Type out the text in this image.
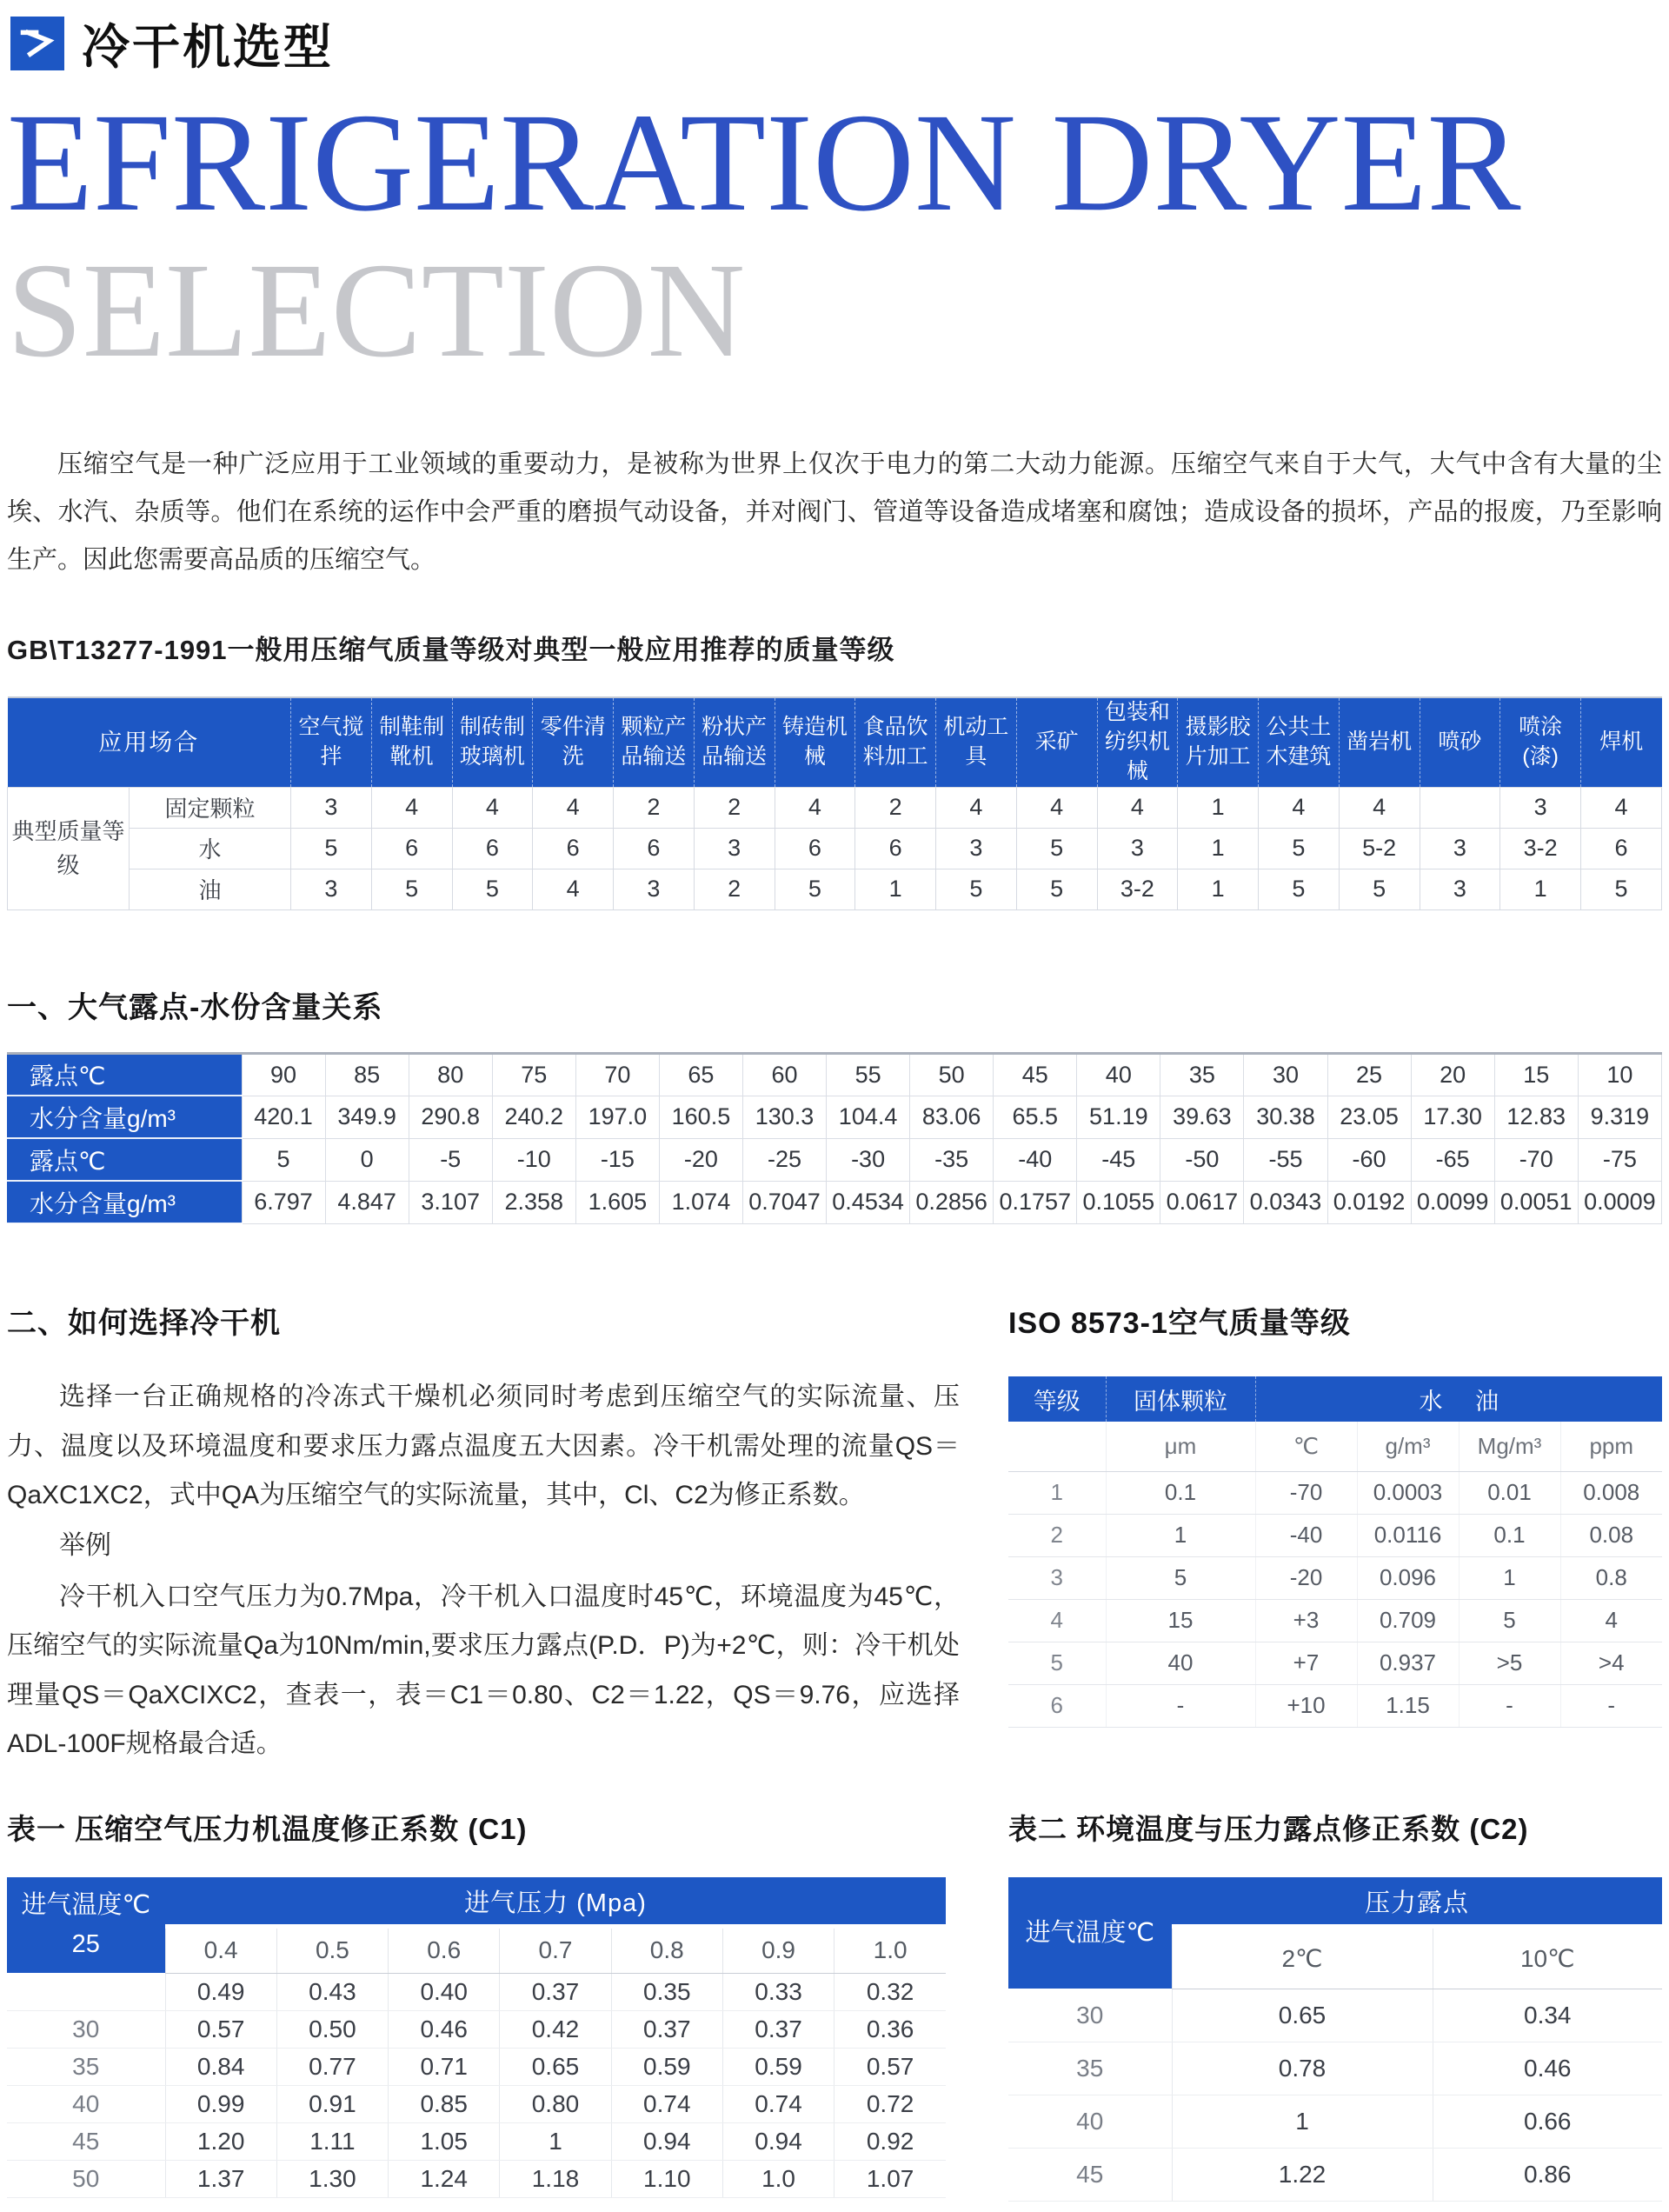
冷干机选型
EFRIGERATION DRYER
SELECTION

压缩空气是一种广泛应用于工业领域的重要动力，是被称为世界上仅次于电力的第二大动力能源。压缩空气来自于大气，大气中含有大量的尘埃、水汽、杂质等。他们在系统的运作中会严重的磨损气动设备，并对阀门、管道等设备造成堵塞和腐蚀；造成设备的损坏，产品的报废，乃至影响生产。因此您需要高品质的压缩空气。

GB\T13277-1991一般用压缩气质量等级对典型一般应用推荐的质量等级
应用场合		空气搅拌	制鞋制靴机	制砖制玻璃机	零件清洗	颗粒产品输送	粉状产品输送	铸造机械	食品饮料加工	机动工具	采矿	包装和纺织机械	摄影胶片加工	公共土木建筑	凿岩机	喷砂	喷涂(漆)	焊机
典型质量等级	固定颗粒	3	4	4	4	2	2	4	2	4	4	4	1	4	4		3	4
	水	5	6	6	6	6	3	6	6	3	5	3	1	5	5-2	3	3-2	6
	油	3	5	5	4	3	2	5	1	5	5	3-2	1	5	5	3	1	5
一、大气露点-水份含量关系
露点℃	90	85	80	75	70	65	60	55	50	45	40	35	30	25	20	15	10
水分含量g/m³	420.1	349.9	290.8	240.2	197.0	160.5	130.3	104.4	83.06	65.5	51.19	39.63	30.38	23.05	17.30	12.83	9.319
露点℃	5	0	-5	-10	-15	-20	-25	-30	-35	-40	-45	-50	-55	-60	-65	-70	-75
水分含量g/m³	6.797	4.847	3.107	2.358	1.605	1.074	0.7047	0.4534	0.2856	0.1757	0.1055	0.0617	0.0343	0.0192	0.0099	0.0051	0.0009
二、如何选择冷干机

选择一台正确规格的冷冻式干燥机必须同时考虑到压缩空气的实际流量、压力、温度以及环境温度和要求压力露点温度五大因素。冷干机需处理的流量QS＝QaXC1XC2，式中QA为压缩空气的实际流量，其中，Cl、C2为修正系数。

举例

冷干机入口空气压力为0.7Mpa，冷干机入口温度时45℃，环境温度为45℃，压缩空气的实际流量Qa为10Nm/min,要求压力露点(P.D．P)为+2℃，则：冷干机处理量QS＝QaXCIXC2，查表一，表＝C1＝0.80、C2＝1.22，QS＝9.76，应选择ADL-100F规格最合适。

ISO 8573-1空气质量等级
等级	固体颗粒	水 油			
	μm	℃	g/m³	Mg/m³	ppm
1	0.1	-70	0.0003	0.01	0.008
2	1	-40	0.0116	0.1	0.08
3	5	-20	0.096	1	0.8
4	15	+3	0.709	5	4
5	40	+7	0.937	>5	>4
6	-	+10	1.15	-	-
表一 压缩空气压力机温度修正系数 (C1)
进气温度℃
25	进气压力 (Mpa)						
	0.4	0.5	0.6	0.7	0.8	0.9	1.0
	0.49	0.43	0.40	0.37	0.35	0.33	0.32
30	0.57	0.50	0.46	0.42	0.37	0.37	0.36
35	0.84	0.77	0.71	0.65	0.59	0.59	0.57
40	0.99	0.91	0.85	0.80	0.74	0.74	0.72
45	1.20	1.11	1.05	1	0.94	0.94	0.92
50	1.37	1.30	1.24	1.18	1.10	1.0	1.07
表二 环境温度与压力露点修正系数 (C2)
进气温度℃	压力露点	
	2℃	10℃
30	0.65	0.34
35	0.78	0.46
40	1	0.66
45	1.22	0.86
